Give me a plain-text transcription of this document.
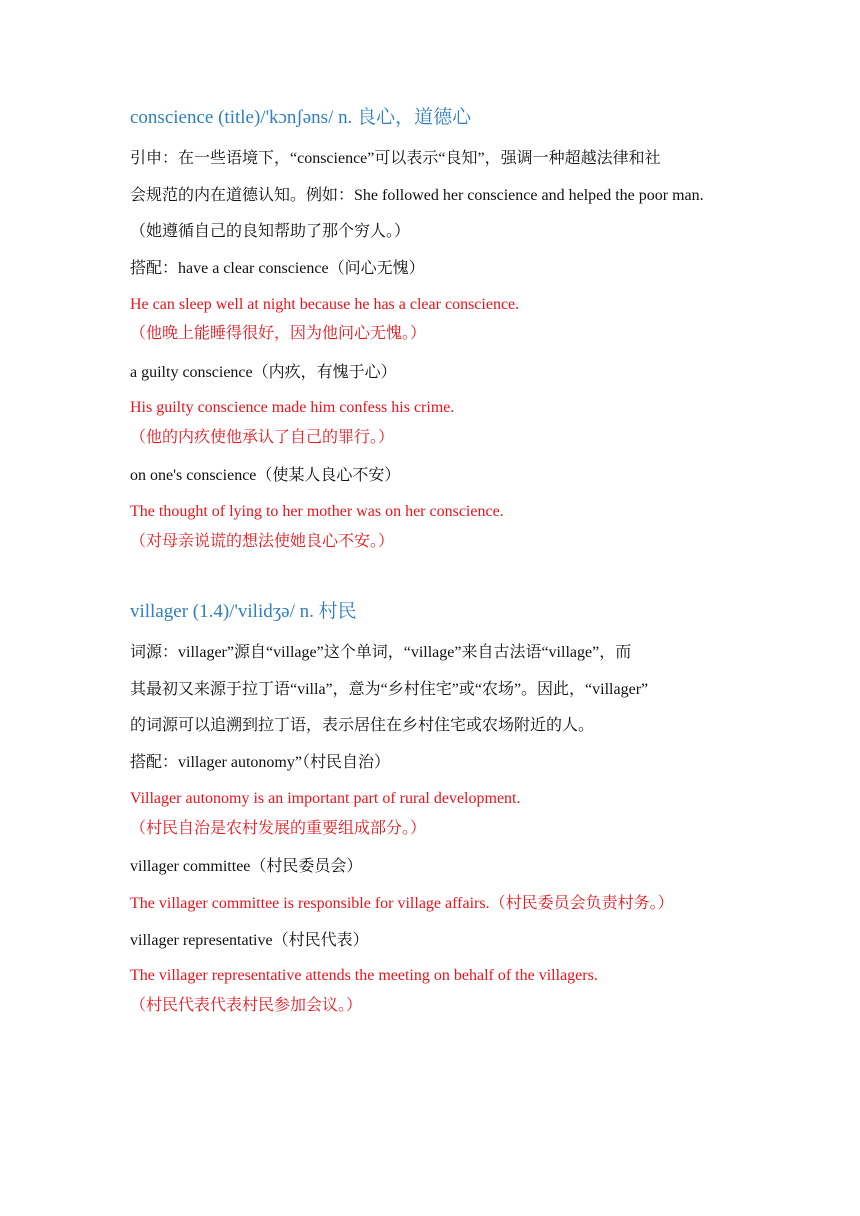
conscience (title)/'kɔnʃəns/ n. 良心，道德心
引申：在一些语境下，“conscience”可以表示“良知”，强调一种超越法律和社
会规范的内在道德认知。例如：She followed her conscience and helped the poor man.
（她遵循自己的良知帮助了那个穷人。）
搭配：have a clear conscience（问心无愧）
He can sleep well at night because he has a clear conscience.
（他晚上能睡得很好，因为他问心无愧。）
a guilty conscience（内疚，有愧于心）
His guilty conscience made him confess his crime.
（他的内疚使他承认了自己的罪行。）
on one's conscience（使某人良心不安）
The thought of lying to her mother was on her conscience.
（对母亲说谎的想法使她良心不安。）
villager (1.4)/'vilidʒə/ n. 村民
词源：villager”源自“village”这个单词，“village”来自古法语“village”，而
其最初又来源于拉丁语“villa”，意为“乡村住宅”或“农场”。因此，“villager”
的词源可以追溯到拉丁语，表示居住在乡村住宅或农场附近的人。
搭配：villager autonomy”（村民自治）
Villager autonomy is an important part of rural development.
（村民自治是农村发展的重要组成部分。）
villager committee（村民委员会）
The villager committee is responsible for village affairs.（村民委员会负责村务。）
villager representative（村民代表）
The villager representative attends the meeting on behalf of the villagers.
（村民代表代表村民参加会议。）
